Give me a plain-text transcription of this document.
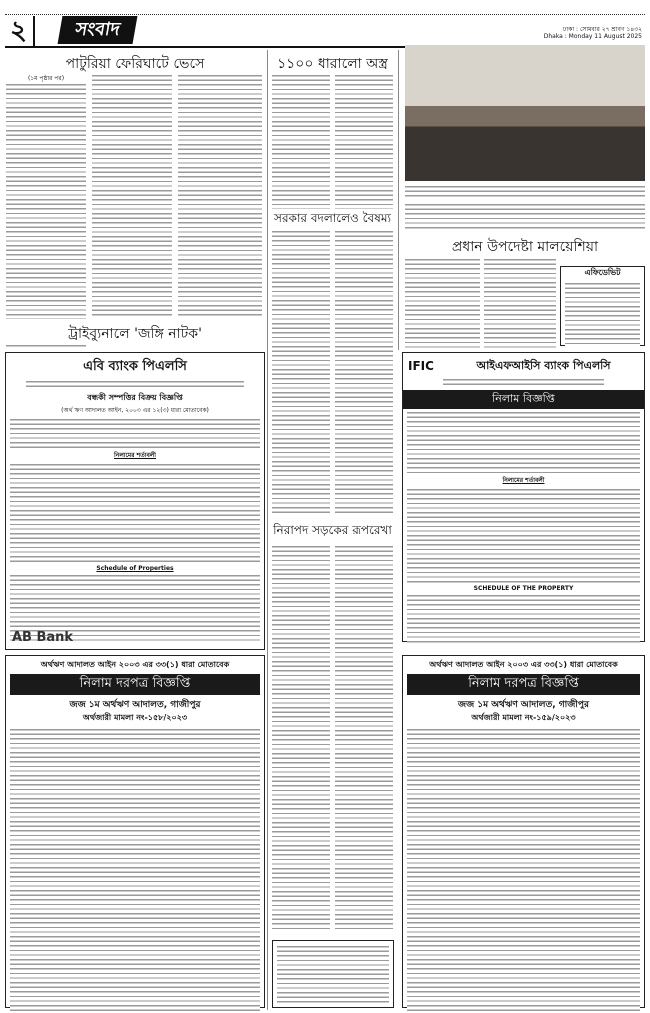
২	সংবাদ	ঢাকা : সোমবার ২৭ শ্রাবণ ১৪৩২
Dhaka : Monday 11 August 2025
পাটুরিয়া ফেরিঘাটে ভেসে
(১ম পৃষ্ঠার পর)
১১০০ ধারালো অস্ত্র
সরকার বদলালেও বৈষম্য
নিরাপদ সড়কের রূপরেখা
প্রধান উপদেষ্টা মালয়েশিয়া
এফিডেভিট
ট্রাইব্যুনালে 'জঙ্গি নাটক'
এবি ব্যাংক পিএলসি
বন্ধকী সম্পত্তির বিক্রয় বিজ্ঞপ্তি
(অর্থ ঋণ আদালত আইন, ২০০৩ এর ১২(৩) ধারা মোতাবেক)
নিলামের শর্তাবলী
Schedule of Properties
AB Bank
IFIC	আইএফআইসি ব্যাংক পিএলসি
নিলাম বিজ্ঞপ্তি
নিলামের শর্তাবলী
SCHEDULE OF THE PROPERTY
অর্থঋণ আদালত আইন ২০০৩ এর ৩৩(১) ধারা মোতাবেক
নিলাম দরপত্র বিজ্ঞপ্তি
জজ ১ম অর্থঋণ আদালত, গাজীপুর
অর্থজারী মামলা নং-১৫৮/২০২৩
অর্থঋণ আদালত আইন ২০০৩ এর ৩৩(১) ধারা মোতাবেক
নিলাম দরপত্র বিজ্ঞপ্তি
জজ ১ম অর্থঋণ আদালত, গাজীপুর
অর্থজারী মামলা নং-১৫৯/২০২৩
